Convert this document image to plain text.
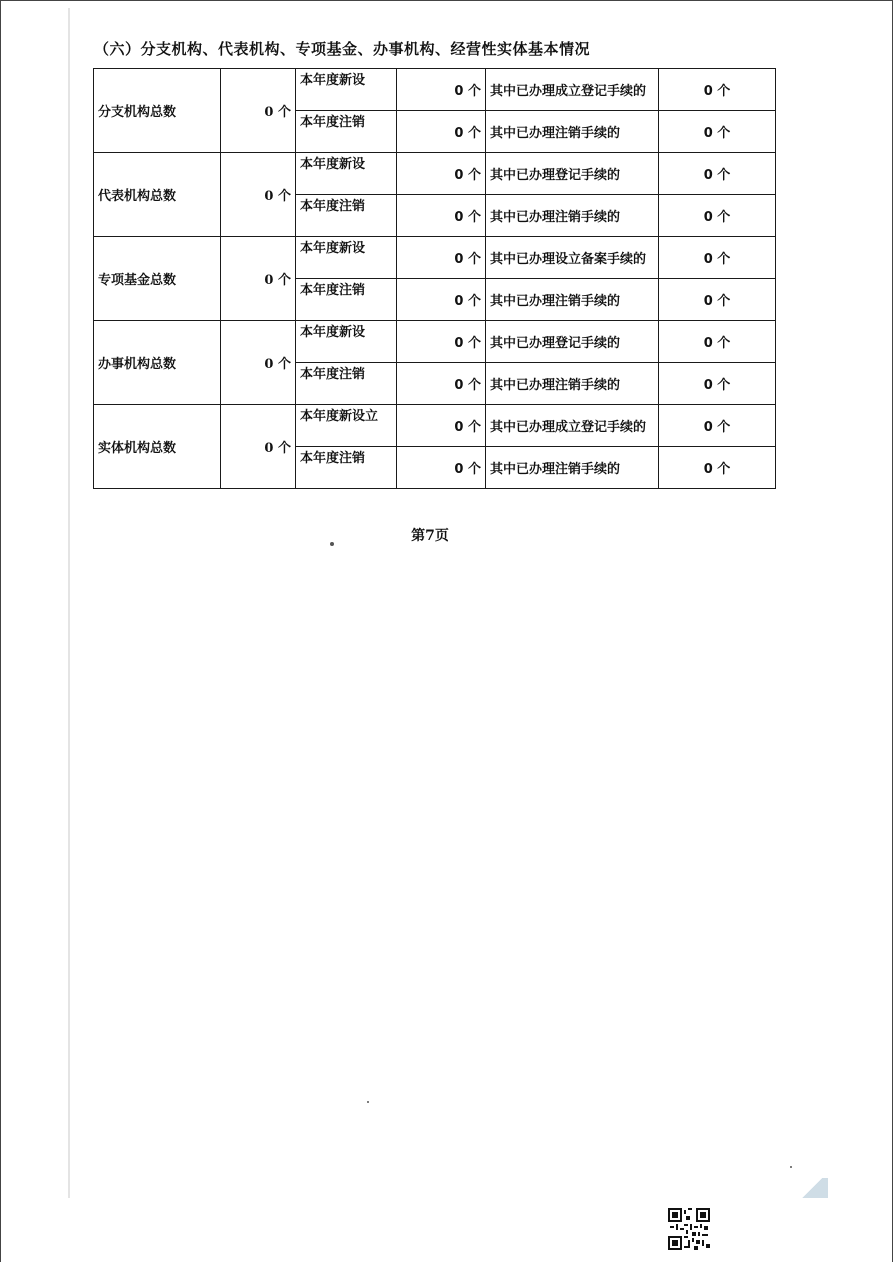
（六）分支机构、代表机构、专项基金、办事机构、经营性实体基本情况
分支机构总数	0 个	本年度新设	0 个	其中已办理成立登记手续的	0 个
		本年度注销	0 个	其中已办理注销手续的	0 个
代表机构总数	0 个	本年度新设	0 个	其中已办理登记手续的	0 个
		本年度注销	0 个	其中已办理注销手续的	0 个
专项基金总数	0 个	本年度新设	0 个	其中已办理设立备案手续的	0 个
		本年度注销	0 个	其中已办理注销手续的	0 个
办事机构总数	0 个	本年度新设	0 个	其中已办理登记手续的	0 个
		本年度注销	0 个	其中已办理注销手续的	0 个
实体机构总数	0 个	本年度新设立	0 个	其中已办理成立登记手续的	0 个
		本年度注销	0 个	其中已办理注销手续的	0 个
第7页
